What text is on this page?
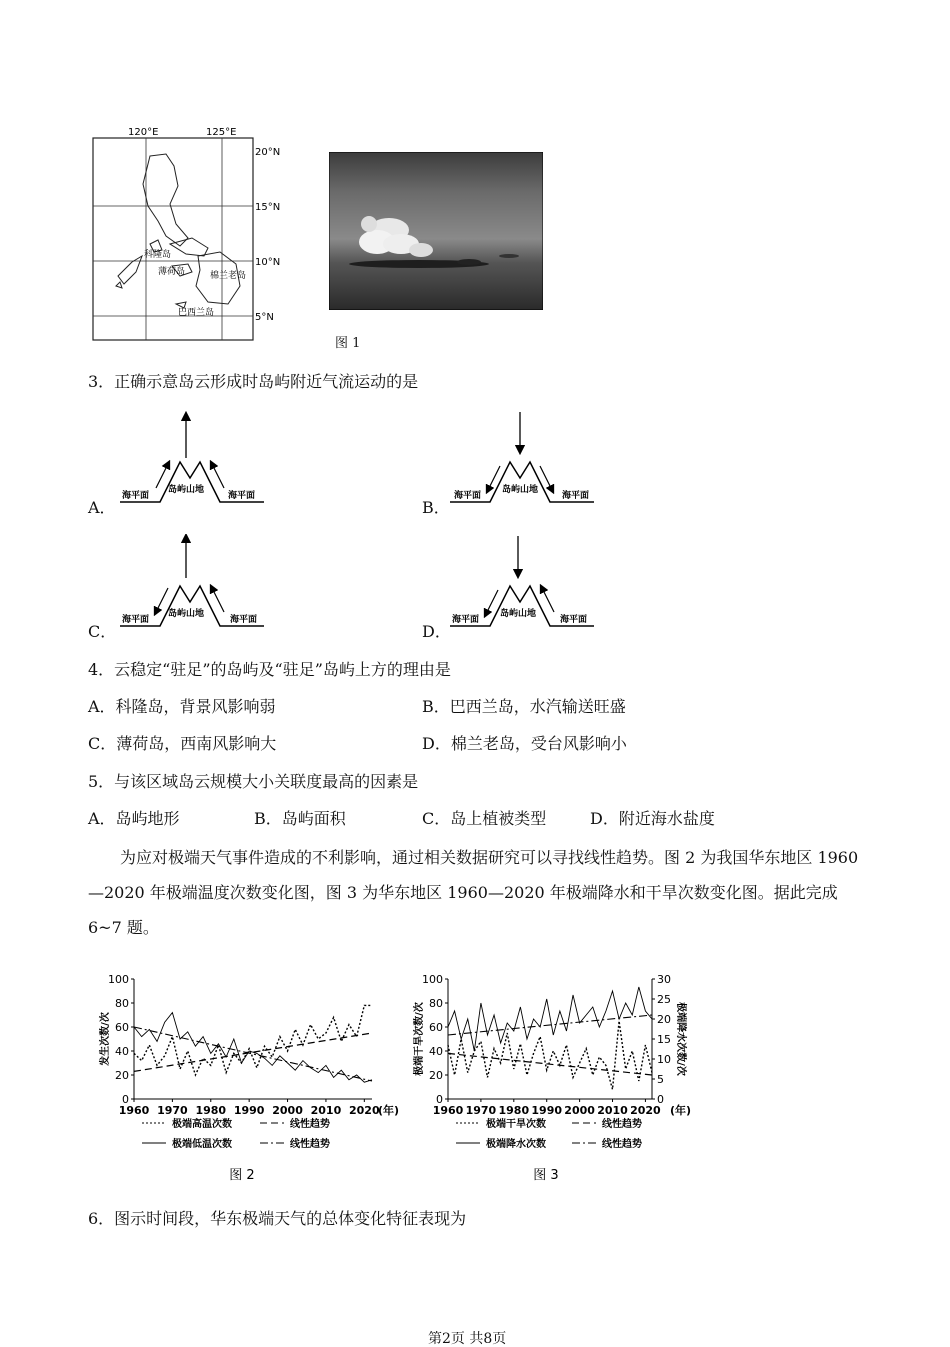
120°E	125°E
20°N
15°N
10°N
5°N
科隆岛
薄荷岛	棉兰老岛
巴西兰岛
图 1
3．正确示意岛云形成时岛屿附近气流运动的是
A．
岛屿山地
海平面	海平面
B．
岛屿山地
海平面	海平面
C．
岛屿山地
海平面	海平面
D．
岛屿山地
海平面	海平面
4．云稳定“驻足”的岛屿及“驻足”岛屿上方的理由是
A．科隆岛，背景风影响弱	B．巴西兰岛，水汽输送旺盛
C．薄荷岛，西南风影响大	D．棉兰老岛，受台风影响小
5．与该区域岛云规模大小关联度最高的因素是
A．岛屿地形	B．岛屿面积	C．岛上植被类型	D．附近海水盐度
为应对极端天气事件造成的不利影响，通过相关数据研究可以寻找线性趋势。图 2 为我国华东地区 1960—2020 年极端温度次数变化图，图 3 为华东地区 1960—2020 年极端降水和干旱次数变化图。据此完成 6~7 题。
0
20
40
60
80
100
1960 1970 1980 1990 2000 2010 2020
(年)
发生次数/次
极端高温次数	线性趋势
极端低温次数	线性趋势
图 2
0
20
40
60
80
100
0
5
10
15
20
25
30
1960 1970 1980 1990 2000 2010 2020 (年)
极端干旱次数/次	极端降水次数/次
极端干旱次数	线性趋势
极端降水次数	线性趋势
图 3
6．图示时间段，华东极端天气的总体变化特征表现为
第2页 共8页
